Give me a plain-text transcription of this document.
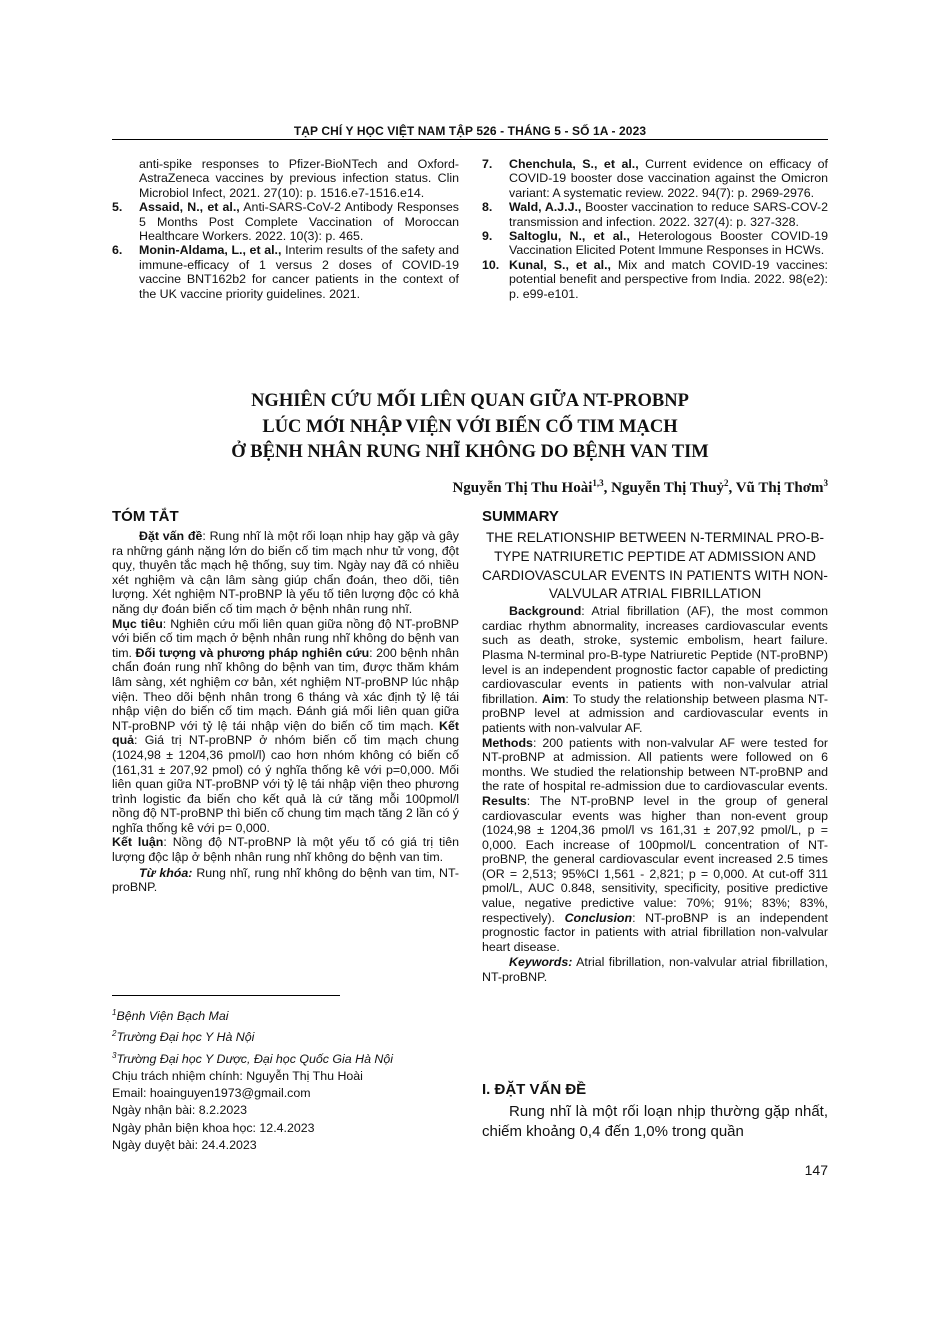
TẠP CHÍ Y HỌC VIỆT NAM TẬP 526 - THÁNG 5 - SỐ 1A - 2023
anti-spike responses to Pfizer-BioNTech and Oxford-AstraZeneca vaccines by previous infection status. Clin Microbiol Infect, 2021. 27(10): p. 1516.e7-1516.e14.
5.	Assaid, N., et al., Anti-SARS-CoV-2 Antibody Responses 5 Months Post Complete Vaccination of Moroccan Healthcare Workers. 2022. 10(3): p. 465.
6.	Monin-Aldama, L., et al., Interim results of the safety and immune-efficacy of 1 versus 2 doses of COVID-19 vaccine BNT162b2 for cancer patients in the context of the UK vaccine priority guidelines. 2021.
7.	Chenchula, S., et al., Current evidence on efficacy of COVID-19 booster dose vaccination against the Omicron variant: A systematic review. 2022. 94(7): p. 2969-2976.
8.	Wald, A.J.J., Booster vaccination to reduce SARS-COV-2 transmission and infection. 2022. 327(4): p. 327-328.
9.	Saltoglu, N., et al., Heterologous Booster COVID-19 Vaccination Elicited Potent Immune Responses in HCWs.
10. Kunal, S., et al., Mix and match COVID-19 vaccines: potential benefit and perspective from India. 2022. 98(e2): p. e99-e101.
NGHIÊN CỨU MỐI LIÊN QUAN GIỮA NT-PROBNP
LÚC MỚI NHẬP VIỆN VỚI BIẾN CỐ TIM MẠCH
Ở BỆNH NHÂN RUNG NHĨ KHÔNG DO BỆNH VAN TIM
Nguyễn Thị Thu Hoài$^{1,3}$, Nguyễn Thị Thuỷ$^2$, Vũ Thị Thơm$^3$
TÓM TẮT

Đặt vấn đề: Rung nhĩ là một rối loạn nhịp hay gặp và gây ra những gánh nặng lớn do biến cố tim mạch như tử vong, đột quỵ, thuyên tắc mạch hệ thống, suy tim. Ngày nay đã có nhiều xét nghiệm và cận lâm sàng giúp chẩn đoán, theo dõi, tiên lượng. Xét nghiệm NT-proBNP là yếu tố tiên lượng độc có khả năng dự đoán biến cố tim mạch ở bệnh nhân rung nhĩ.

Mục tiêu: Nghiên cứu mối liên quan giữa nồng độ NT-proBNP với biến cố tim mạch ở bệnh nhân rung nhĩ không do bệnh van tim. Đối tượng và phương pháp nghiên cứu: 200 bệnh nhân chẩn đoán rung nhĩ không do bệnh van tim, được thăm khám lâm sàng, xét nghiệm cơ bản, xét nghiệm NT-proBNP lúc nhập viện. Theo dõi bệnh nhân trong 6 tháng và xác định tỷ lệ tái nhập viện do biến cố tim mạch. Đánh giá mối liên quan giữa NT-proBNP với tỷ lệ tái nhập viện do biến cố tim mạch. Kết quả: Giá trị NT-proBNP ở nhóm biến cố tim mạch chung (1024,98 ± 1204,36 pmol/l) cao hơn nhóm không có biến cố (161,31 ± 207,92 pmol) có ý nghĩa thống kê với p=0,000. Mối liên quan giữa NT-proBNP với tỷ lệ tái nhập viện theo phương trình logistic đa biến cho kết quả là cứ tăng mỗi 100pmol/l nồng độ NT-proBNP thì biến cố chung tim mạch tăng 2 lần có ý nghĩa thống kê với p= 0,000.

Kết luận: Nồng độ NT-proBNP là một yếu tố có giá trị tiên lượng độc lập ở bệnh nhân rung nhĩ không do bệnh van tim.

Từ khóa: Rung nhĩ, rung nhĩ không do bệnh van tim, NT-proBNP.

$^1$Bệnh Viện Bạch Mai
$^2$Trường Đại học Y Hà Nội
$^3$Trường Đại học Y Dược, Đại học Quốc Gia Hà Nội
Chịu trách nhiệm chính: Nguyễn Thị Thu Hoài
Email: hoainguyen1973@gmail.com
Ngày nhận bài: 8.2.2023
Ngày phản biện khoa học: 12.4.2023
Ngày duyệt bài: 24.4.2023
SUMMARY

THE RELATIONSHIP BETWEEN N-TERMINAL PRO-B-TYPE NATRIURETIC PEPTIDE AT ADMISSION AND CARDIOVASCULAR EVENTS IN PATIENTS WITH NON-VALVULAR ATRIAL FIBRILLATION

Background: Atrial fibrillation (AF), the most common cardiac rhythm abnormality, increases cardiovascular events such as death, stroke, systemic embolism, heart failure. Plasma N-terminal pro-B-type Natriuretic Peptide (NT-proBNP) level is an independent prognostic factor capable of predicting cardiovascular events in patients with non-valvular atrial fibrillation. Aim: To study the relationship between plasma NT-proBNP level at admission and cardiovascular events in patients with non-valvular AF.

Methods: 200 patients with non-valvular AF were tested for NT-proBNP at admission. All patients were followed on 6 months. We studied the relationship between NT-proBNP and the rate of hospital re-admission due to cardiovascular events. Results: The NT-proBNP level in the group of general cardiovascular events was higher than non-event group (1024,98 ± 1204,36 pmol/l vs 161,31 ± 207,92 pmol/L, p = 0,000. Each increase of 100pmol/L concentration of NT-proBNP, the general cardiovascular event increased 2.5 times (OR = 2,513; 95%CI 1,561 - 2,821; p = 0,000. At cut-off 311 pmol/L, AUC 0.848, sensitivity, specificity, positive predictive value, negative predictive value: 70%; 91%; 83%; 83%, respectively). Conclusion: NT-proBNP is an independent prognostic factor in patients with atrial fibrillation non-valvular heart disease.

Keywords: Atrial fibrillation, non-valvular atrial fibrillation, NT-proBNP.

I. ĐẶT VẤN ĐỀ

Rung nhĩ là một rối loạn nhịp thường gặp nhất, chiếm khoảng 0,4 đến 1,0% trong quần

147
